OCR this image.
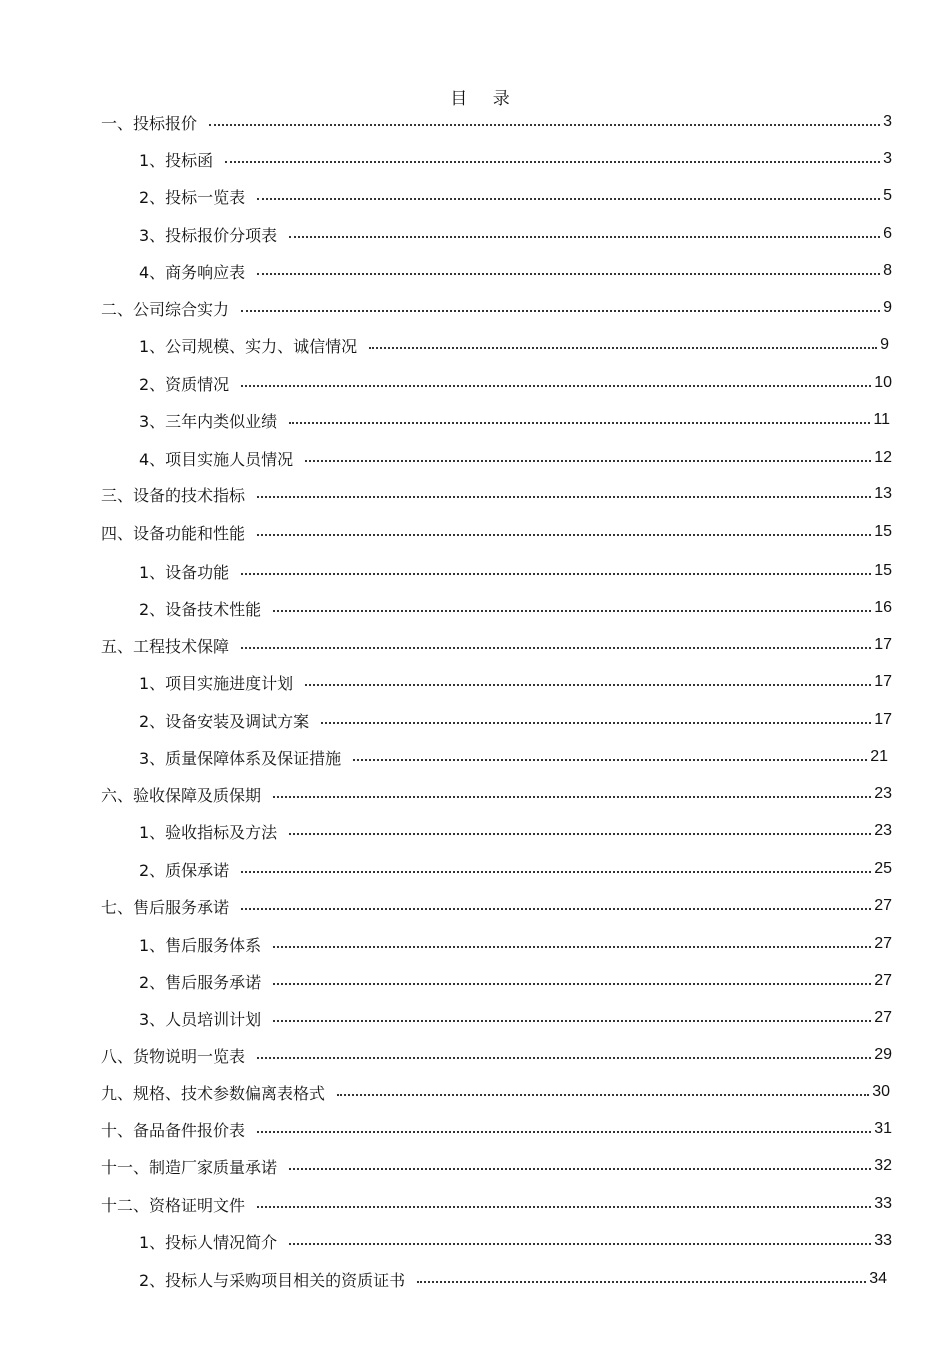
目 录
一、投标报价	3
1、投标函	3
2、投标一览表	5
3、投标报价分项表	6
4、商务响应表	8
二、公司综合实力	9
1、公司规模、实力、诚信情况	9
2、资质情况	10
3、三年内类似业绩	11
4、项目实施人员情况	12
三、设备的技术指标	13
四、设备功能和性能	15
1、设备功能	15
2、设备技术性能	16
五、工程技术保障	17
1、项目实施进度计划	17
2、设备安装及调试方案	17
3、质量保障体系及保证措施	21
六、验收保障及质保期	23
1、验收指标及方法	23
2、质保承诺	25
七、售后服务承诺	27
1、售后服务体系	27
2、售后服务承诺	27
3、人员培训计划	27
八、货物说明一览表	29
九、规格、技术参数偏离表格式	30
十、备品备件报价表	31
十一、制造厂家质量承诺	32
十二、资格证明文件	33
1、投标人情况简介	33
2、投标人与采购项目相关的资质证书	34
